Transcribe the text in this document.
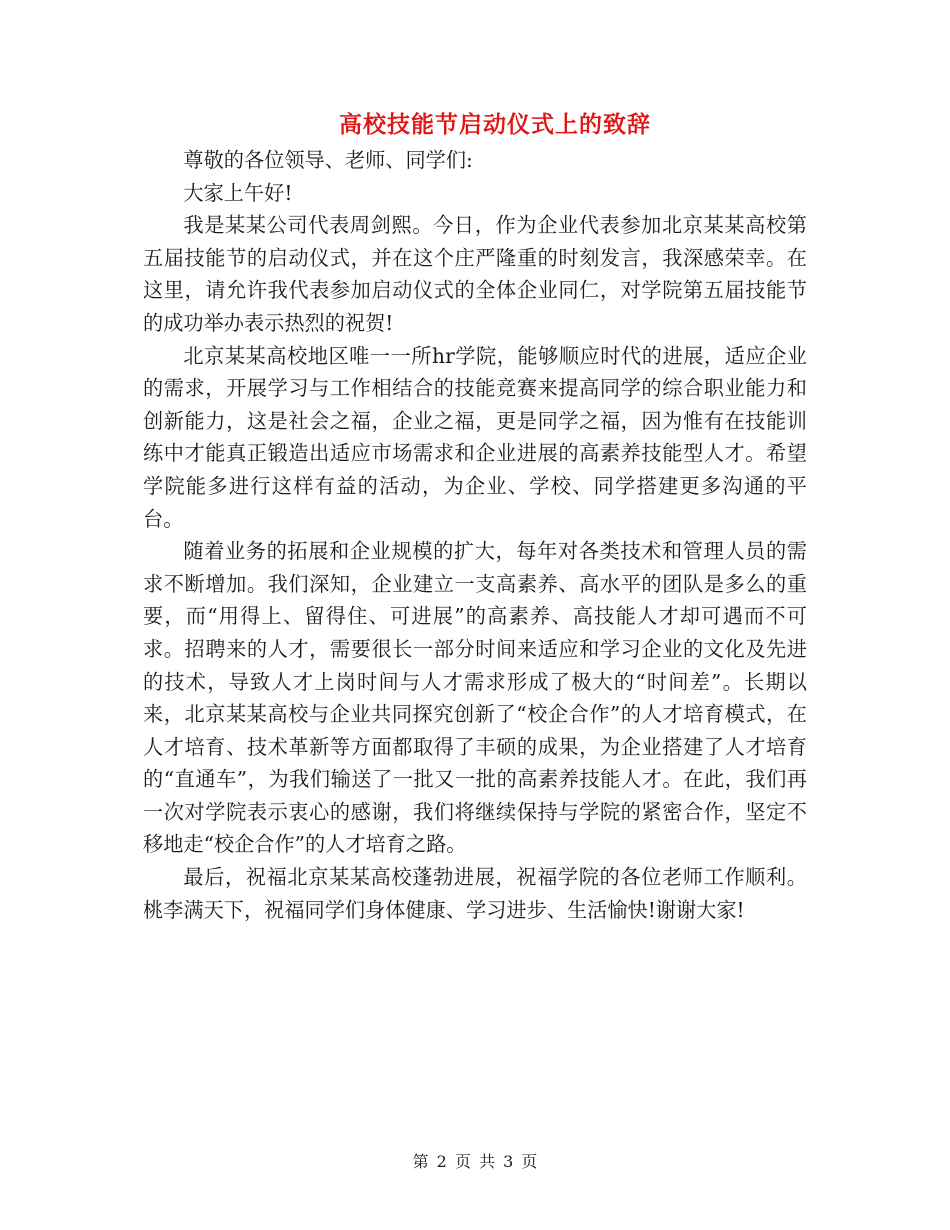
高校技能节启动仪式上的致辞

尊敬的各位领导、老师、同学们:

大家上午好!

我是某某公司代表周剑熙。今日，作为企业代表参加北京某某高校第五届技能节的启动仪式，并在这个庄严隆重的时刻发言，我深感荣幸。在这里，请允许我代表参加启动仪式的全体企业同仁，对学院第五届技能节的成功举办表示热烈的祝贺!

北京某某高校地区唯一一所hr学院，能够顺应时代的进展，适应企业的需求，开展学习与工作相结合的技能竞赛来提高同学的综合职业能力和创新能力，这是社会之福，企业之福，更是同学之福，因为惟有在技能训练中才能真正锻造出适应市场需求和企业进展的高素养技能型人才。希望学院能多进行这样有益的活动，为企业、学校、同学搭建更多沟通的平台。

随着业务的拓展和企业规模的扩大，每年对各类技术和管理人员的需求不断增加。我们深知，企业建立一支高素养、高水平的团队是多么的重要，而“用得上、留得住、可进展”的高素养、高技能人才却可遇而不可求。招聘来的人才，需要很长一部分时间来适应和学习企业的文化及先进的技术，导致人才上岗时间与人才需求形成了极大的“时间差”。长期以来，北京某某高校与企业共同探究创新了“校企合作”的人才培育模式，在人才培育、技术革新等方面都取得了丰硕的成果，为企业搭建了人才培育的“直通车”，为我们输送了一批又一批的高素养技能人才。在此，我们再一次对学院表示衷心的感谢，我们将继续保持与学院的紧密合作，坚定不移地走“校企合作”的人才培育之路。

最后，祝福北京某某高校蓬勃进展，祝福学院的各位老师工作顺利。桃李满天下，祝福同学们身体健康、学习进步、生活愉快!谢谢大家!

第 2 页 共 3 页
